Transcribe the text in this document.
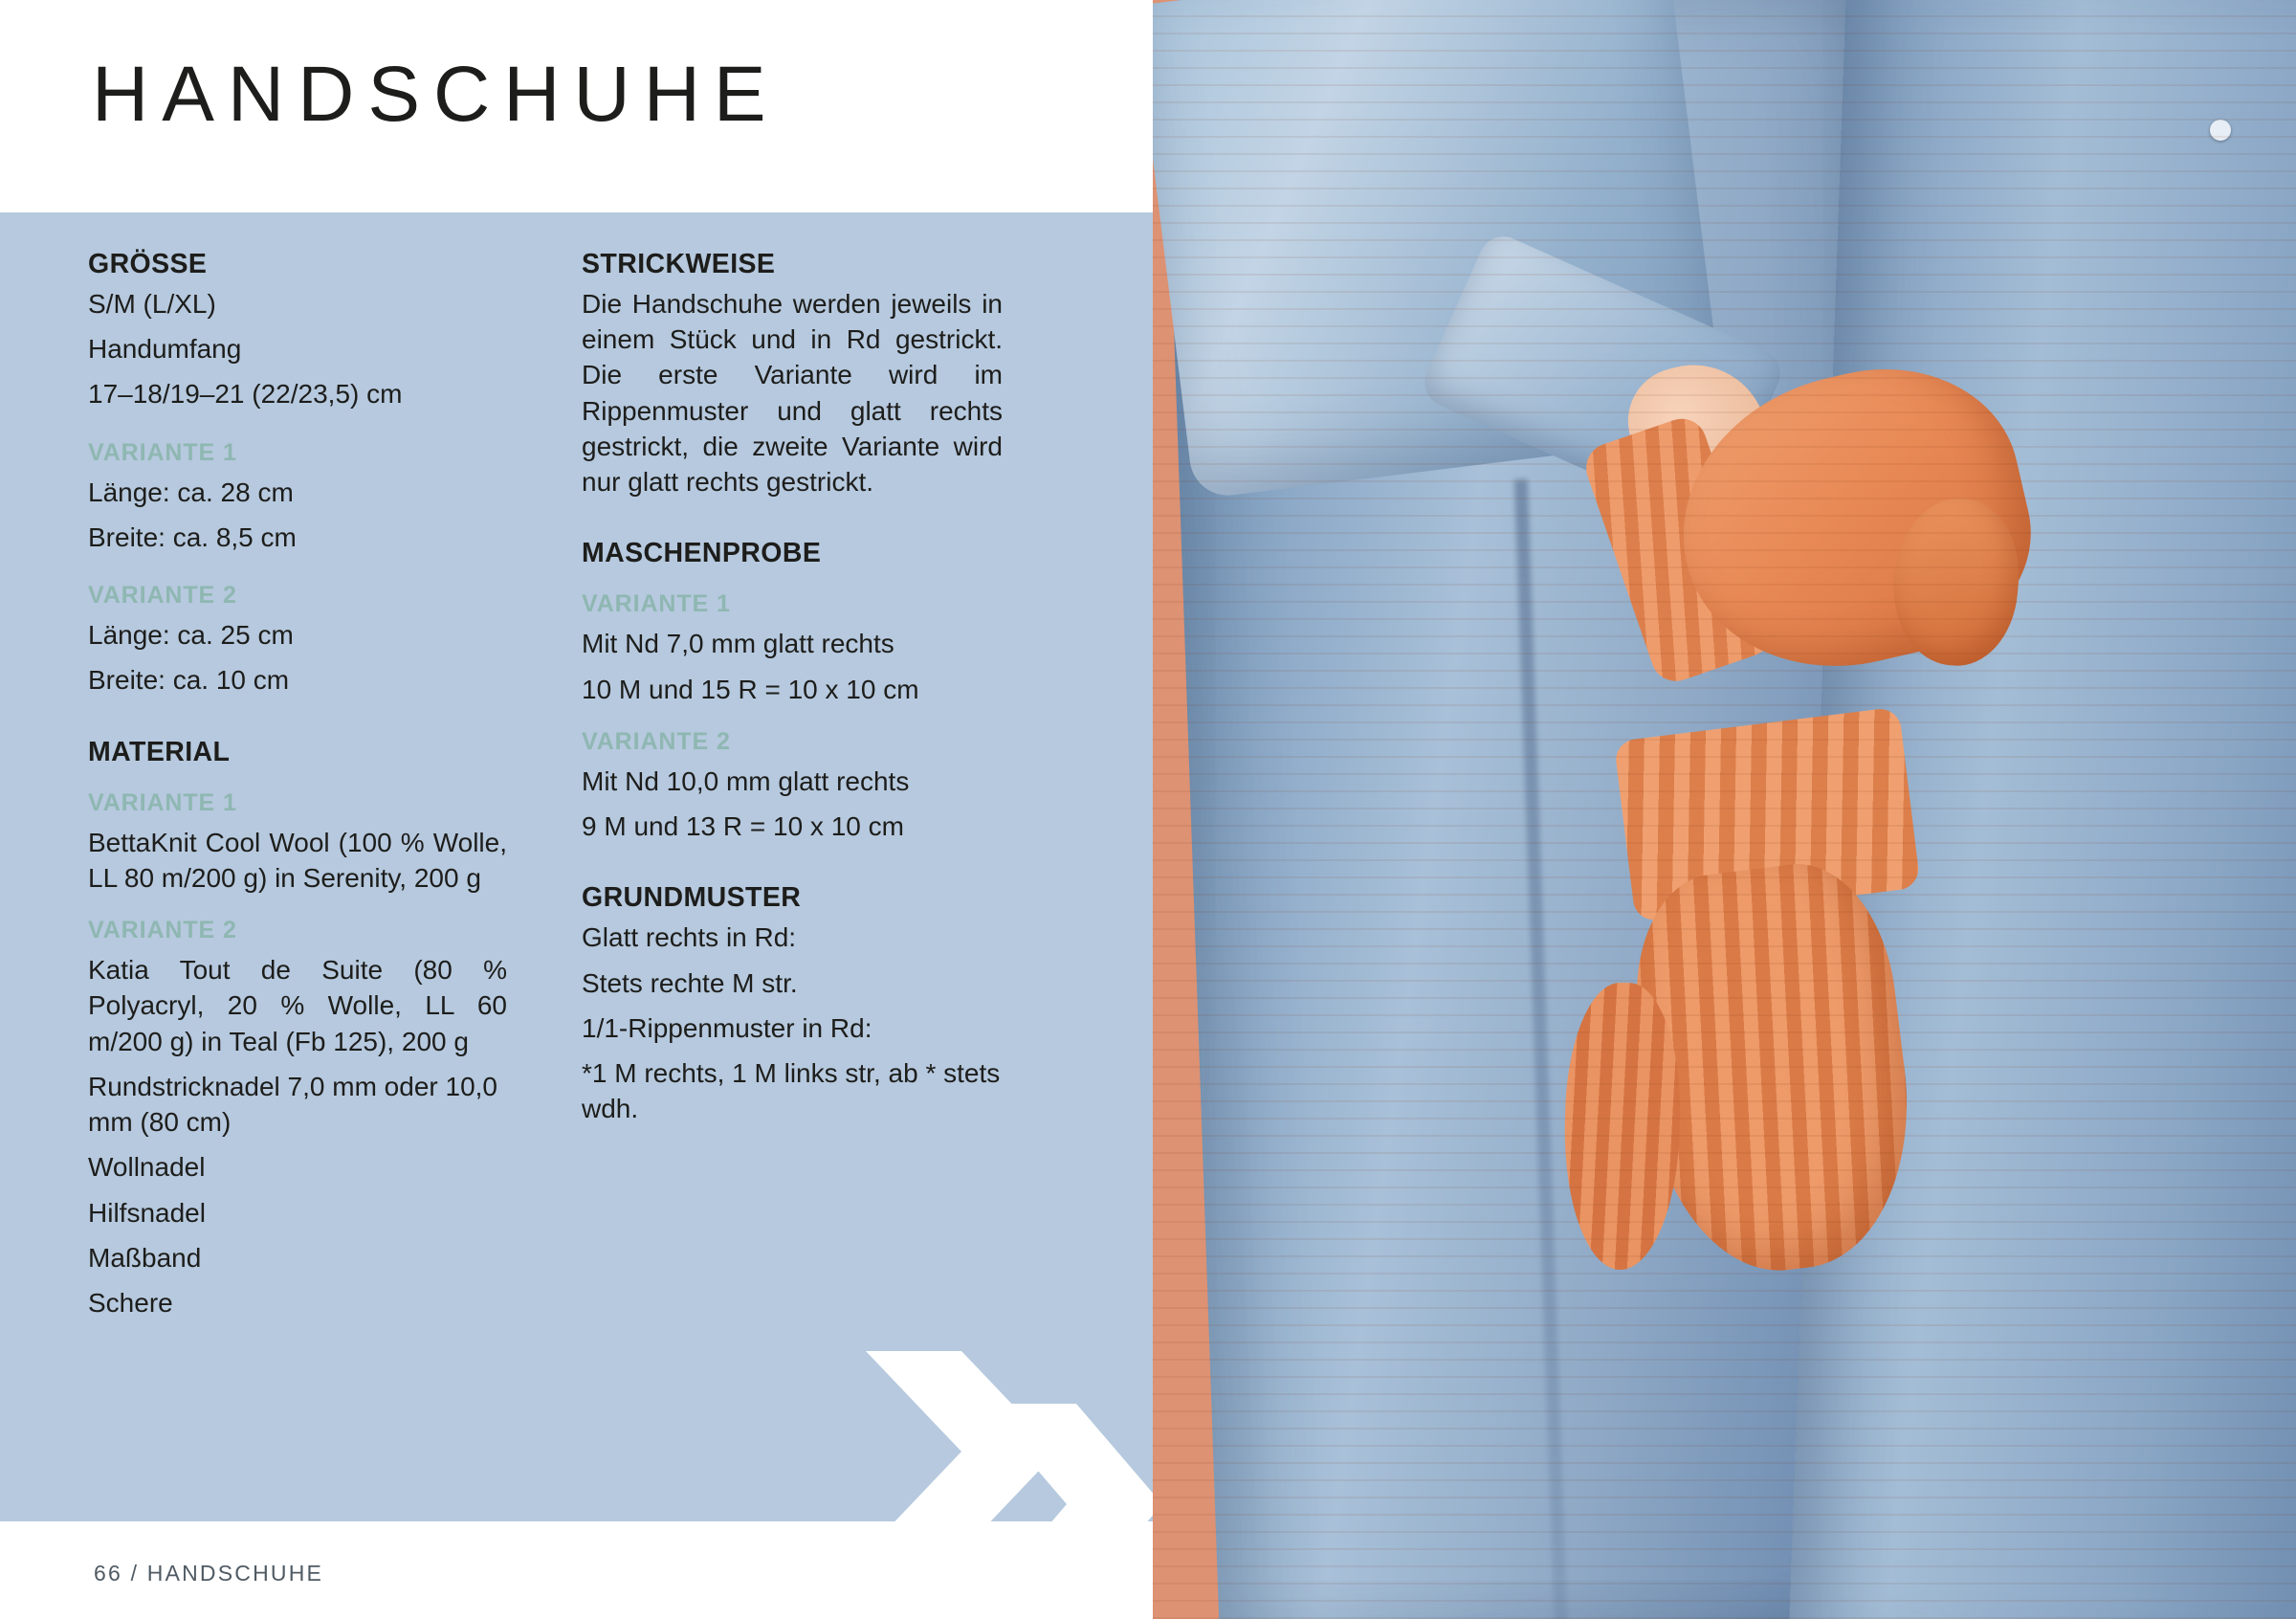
HANDSCHUHE
GRÖSSE

S/M (L/XL)

Handumfang

17–18/19–21 (22/23,5) cm

VARIANTE 1

Länge: ca. 28 cm

Breite: ca. 8,5 cm

VARIANTE 2

Länge: ca. 25 cm

Breite: ca. 10 cm

MATERIAL
VARIANTE 1

BettaKnit Cool Wool (100 % Wolle, LL 80 m/200 g) in Serenity, 200 g

VARIANTE 2

Katia Tout de Suite (80 % Polyacryl, 20 % Wolle, LL 60 m/200 g) in Teal (Fb 125), 200 g

Rundstricknadel 7,0 mm oder 10,0 mm (80 cm)

Wollnadel

Hilfsnadel

Maßband

Schere

STRICKWEISE

Die Handschuhe werden jeweils in einem Stück und in Rd gestrickt. Die erste Variante wird im Rippenmuster und glatt rechts gestrickt, die zweite Variante wird nur glatt rechts gestrickt.

MASCHENPROBE
VARIANTE 1

Mit Nd 7,0 mm glatt rechts

10 M und 15 R = 10 x 10 cm

VARIANTE 2

Mit Nd 10,0 mm glatt rechts

9 M und 13 R = 10 x 10 cm

GRUNDMUSTER

Glatt rechts in Rd:

Stets rechte M str.

1/1-Rippenmuster in Rd:

*1 M rechts, 1 M links str, ab * stets wdh.

66 / HANDSCHUHE
